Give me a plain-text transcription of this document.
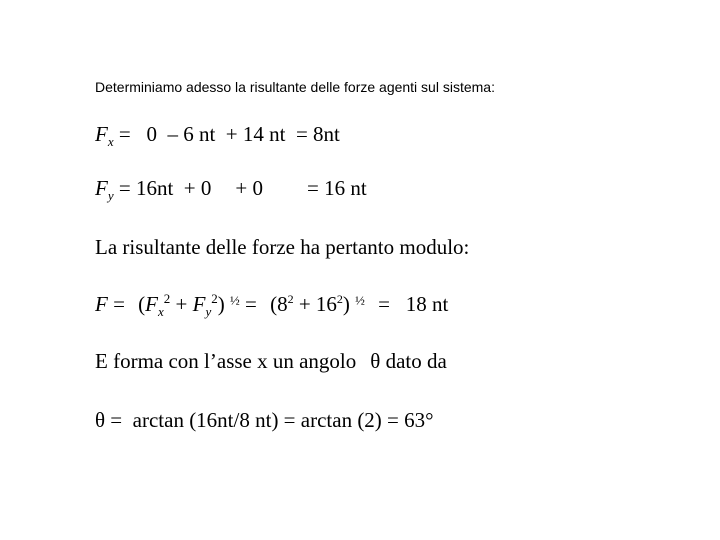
Determiniamo adesso la risultante delle forze agenti sul sistema:
$F_x = 0 - 6$ nt  + 14 nt  = 8nt
$F_y = 16nt + 0 + 0 = 16$ nt
La risultante delle forze ha pertanto modulo:
$F = (F_x^2 + F_y^2) ^{\frac{1}{2}} = (8^2 + 16^2) ^{\frac{1}{2}} = 18$ nt
E forma con l’asse x un angolo θ dato da
θ =  arctan (16nt/8 nt) = arctan (2) = 63°
